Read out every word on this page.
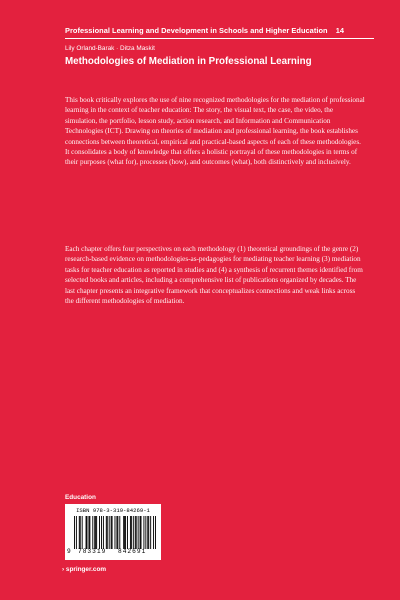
Professional Learning and Development in Schools and Higher Education 14
Lily Orland-Barak · Ditza Maskit
Methodologies of Mediation in Professional Learning

This book critically explores the use of nine recognized methodologies for the mediation of professional learning in the context of teacher education: The story, the visual text, the case, the video, the simulation, the portfolio, lesson study, action research, and Information and Communication Technologies (ICT). Drawing on theories of mediation and professional learning, the book establishes connections between theoretical, empirical and practical-based aspects of each of these methodologies. It consolidates a body of knowledge that offers a holistic portrayal of these methodologies in terms of their purposes (what for), processes (how), and outcomes (what), both distinctively and inclusively.

Each chapter offers four perspectives on each methodology (1) theoretical groundings of the genre (2) research-based evidence on methodologies-as-pedagogies for mediating teacher learning (3) mediation tasks for teacher education as reported in studies and (4) a synthesis of recurrent themes identified from selected books and articles, including a comprehensive list of publications organized by decades. The last chapter presents an integrative framework that conceptualizes connections and weak links across the different methodologies of mediation.

Education
ISBN 978-3-319-84269-1
9 783319 842691
› springer.com
